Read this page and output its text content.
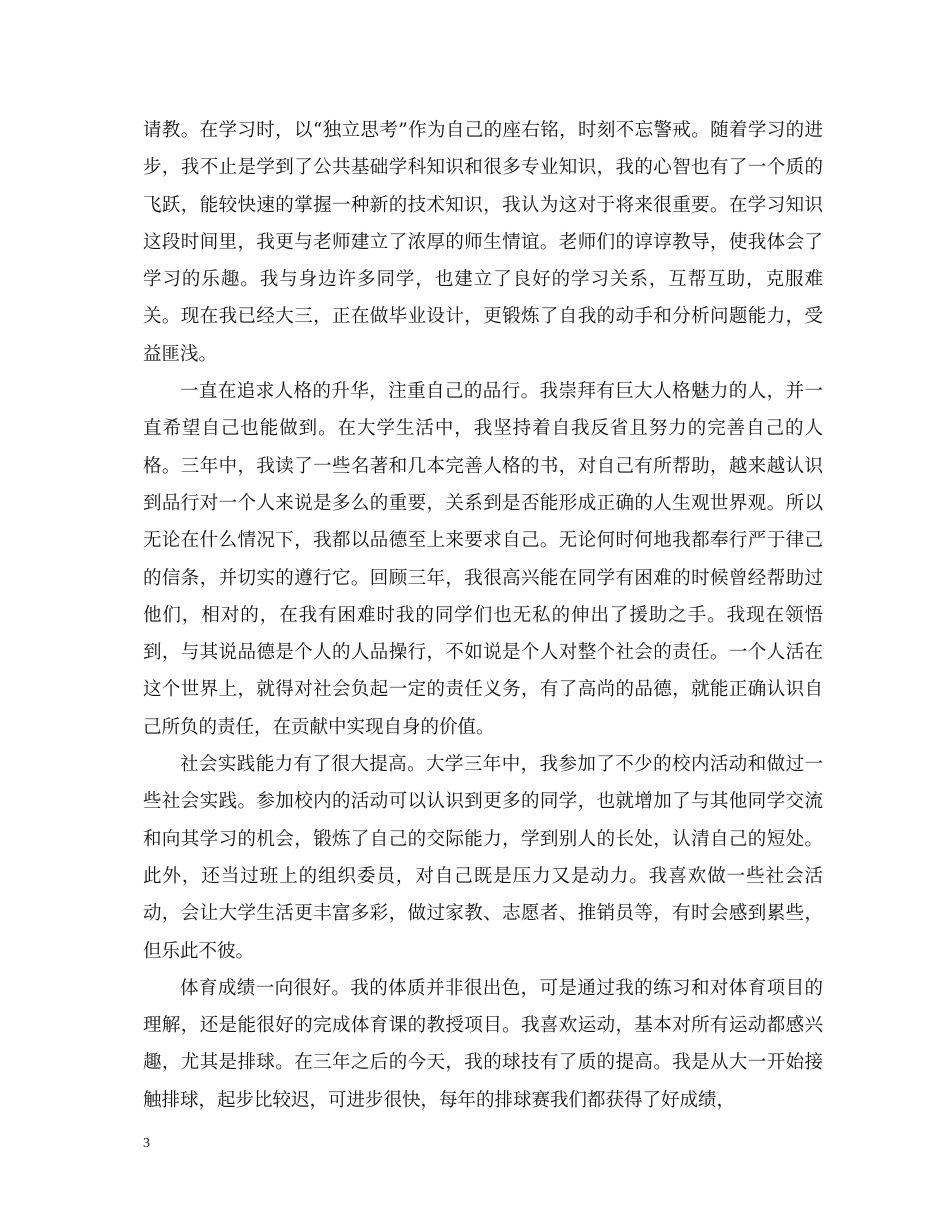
请教。在学习时，以“独立思考”作为自己的座右铭，时刻不忘警戒。随着学习的进步，我不止是学到了公共基础学科知识和很多专业知识，我的心智也有了一个质的飞跃，能较快速的掌握一种新的技术知识，我认为这对于将来很重要。在学习知识这段时间里，我更与老师建立了浓厚的师生情谊。老师们的谆谆教导，使我体会了学习的乐趣。我与身边许多同学，也建立了良好的学习关系，互帮互助，克服难关。现在我已经大三，正在做毕业设计，更锻炼了自我的动手和分析问题能力，受益匪浅。

一直在追求人格的升华，注重自己的品行。我崇拜有巨大人格魅力的人，并一直希望自己也能做到。在大学生活中，我坚持着自我反省且努力的完善自己的人格。三年中，我读了一些名著和几本完善人格的书，对自己有所帮助，越来越认识到品行对一个人来说是多么的重要，关系到是否能形成正确的人生观世界观。所以无论在什么情况下，我都以品德至上来要求自己。无论何时何地我都奉行严于律己的信条，并切实的遵行它。回顾三年，我很高兴能在同学有困难的时候曾经帮助过他们，相对的，在我有困难时我的同学们也无私的伸出了援助之手。我现在领悟到，与其说品德是个人的人品操行，不如说是个人对整个社会的责任。一个人活在这个世界上，就得对社会负起一定的责任义务，有了高尚的品德，就能正确认识自己所负的责任，在贡献中实现自身的价值。

社会实践能力有了很大提高。大学三年中，我参加了不少的校内活动和做过一些社会实践。参加校内的活动可以认识到更多的同学，也就增加了与其他同学交流和向其学习的机会，锻炼了自己的交际能力，学到别人的长处，认清自己的短处。此外，还当过班上的组织委员，对自己既是压力又是动力。我喜欢做一些社会活动，会让大学生活更丰富多彩，做过家教、志愿者、推销员等，有时会感到累些，但乐此不彼。

体育成绩一向很好。我的体质并非很出色，可是通过我的练习和对体育项目的理解，还是能很好的完成体育课的教授项目。我喜欢运动，基本对所有运动都感兴趣，尤其是排球。在三年之后的今天，我的球技有了质的提高。我是从大一开始接触排球，起步比较迟，可进步很快，每年的排球赛我们都获得了好成绩，

3
